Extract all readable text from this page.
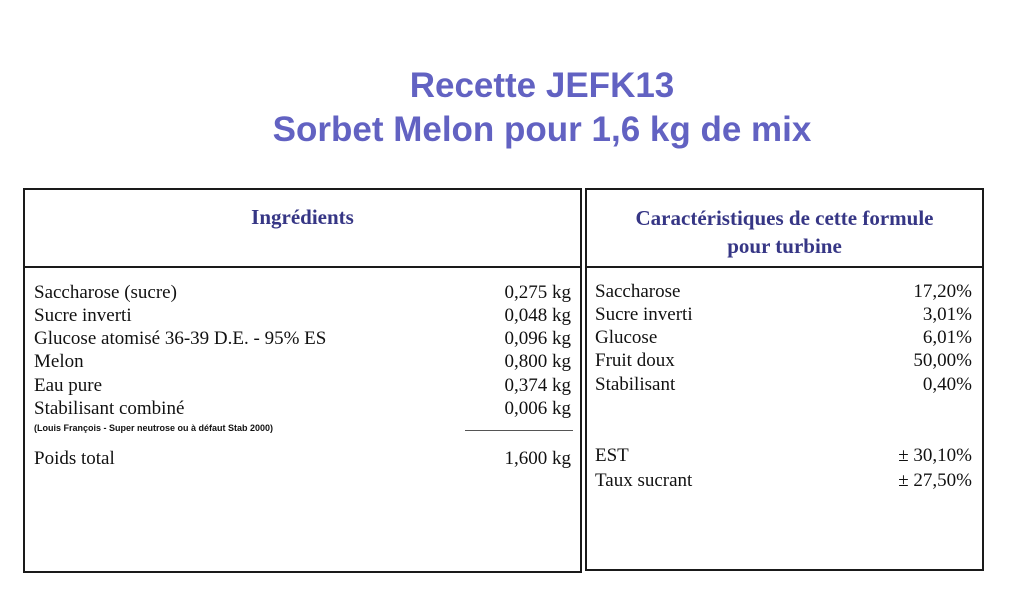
Recette JEFK13
Sorbet Melon pour 1,6 kg de mix
Ingrédients
Saccharose (sucre)	0,275 kg
Sucre inverti	0,048 kg
Glucose atomisé 36-39 D.E. - 95% ES	0,096 kg
Melon	0,800 kg
Eau pure	0,374 kg
Stabilisant combiné	0,006 kg
(Louis François - Super neutrose ou à défaut Stab 2000)
Poids total	1,600 kg
Caractéristiques de cette formule
pour turbine
Saccharose	17,20%
Sucre inverti	3,01%
Glucose	6,01%
Fruit doux	50,00%
Stabilisant	0,40%
EST	± 30,10%
Taux sucrant	± 27,50%
